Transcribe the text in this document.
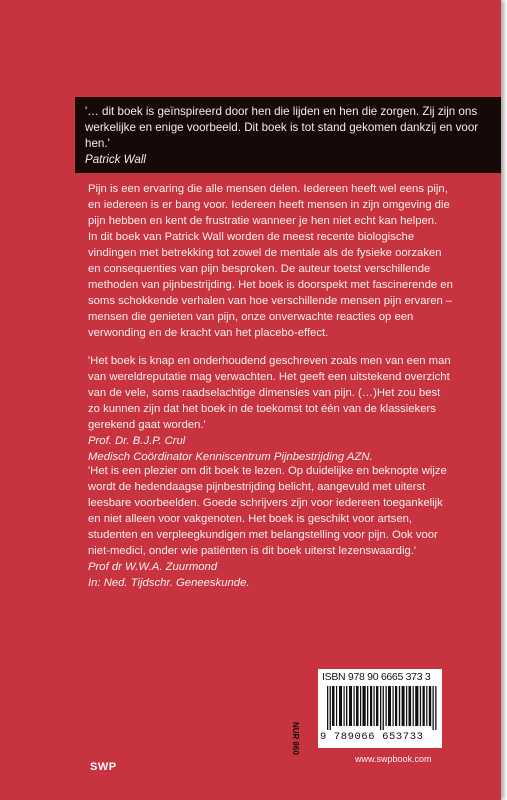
'… dit boek is geïnspireerd door hen die lijden en hen die zorgen. Zij zijn ons werkelijke en enige voorbeeld. Dit boek is tot stand gekomen dankzij en voor hen.'
Patrick Wall

Pijn is een ervaring die alle mensen delen. Iedereen heeft wel eens pijn, en iedereen is er bang voor. Iedereen heeft mensen in zijn omgeving die pijn hebben en kent de frustratie wanneer je hen niet echt kan helpen.

In dit boek van Patrick Wall worden de meest recente biologische vindingen met betrekking tot zowel de mentale als de fysieke oorzaken en consequenties van pijn besproken. De auteur toetst verschillende methoden van pijnbestrijding. Het boek is doorspekt met fascinerende en soms schokkende verhalen van hoe verschillende mensen pijn ervaren – mensen die genieten van pijn, onze onverwachte reacties op een verwonding en de kracht van het placebo-effect.

'Het boek is knap en onderhoudend geschreven zoals men van een man van wereldreputatie mag verwachten. Het geeft een uitstekend overzicht van de vele, soms raadselachtige dimensies van pijn. (…)Het zou best zo kunnen zijn dat het boek in de toekomst tot één van de klassiekers gerekend gaat worden.'

Prof. Dr. B.J.P. Crul

Medisch Coördinator Kenniscentrum Pijnbestrijding AZN.

'Het is een plezier om dit boek te lezen. Op duidelijke en beknopte wijze wordt de hedendaagse pijnbestrijding belicht, aangevuld met uiterst leesbare voorbeelden. Goede schrijvers zijn voor iedereen toegankelijk en niet alleen voor vakgenoten. Het boek is geschikt voor artsen, studenten en verpleegkundigen met belangstelling voor pijn. Ook voor niet-medici, onder wie patiënten is dit boek uiterst lezenswaardig.'

Prof dr W.W.A. Zuurmond

In: Ned. Tijdschr. Geneeskunde.

NUR 860
ISBN 978 90 6665 373 3
9 789066 653733
SWP
www.swpbook.com
